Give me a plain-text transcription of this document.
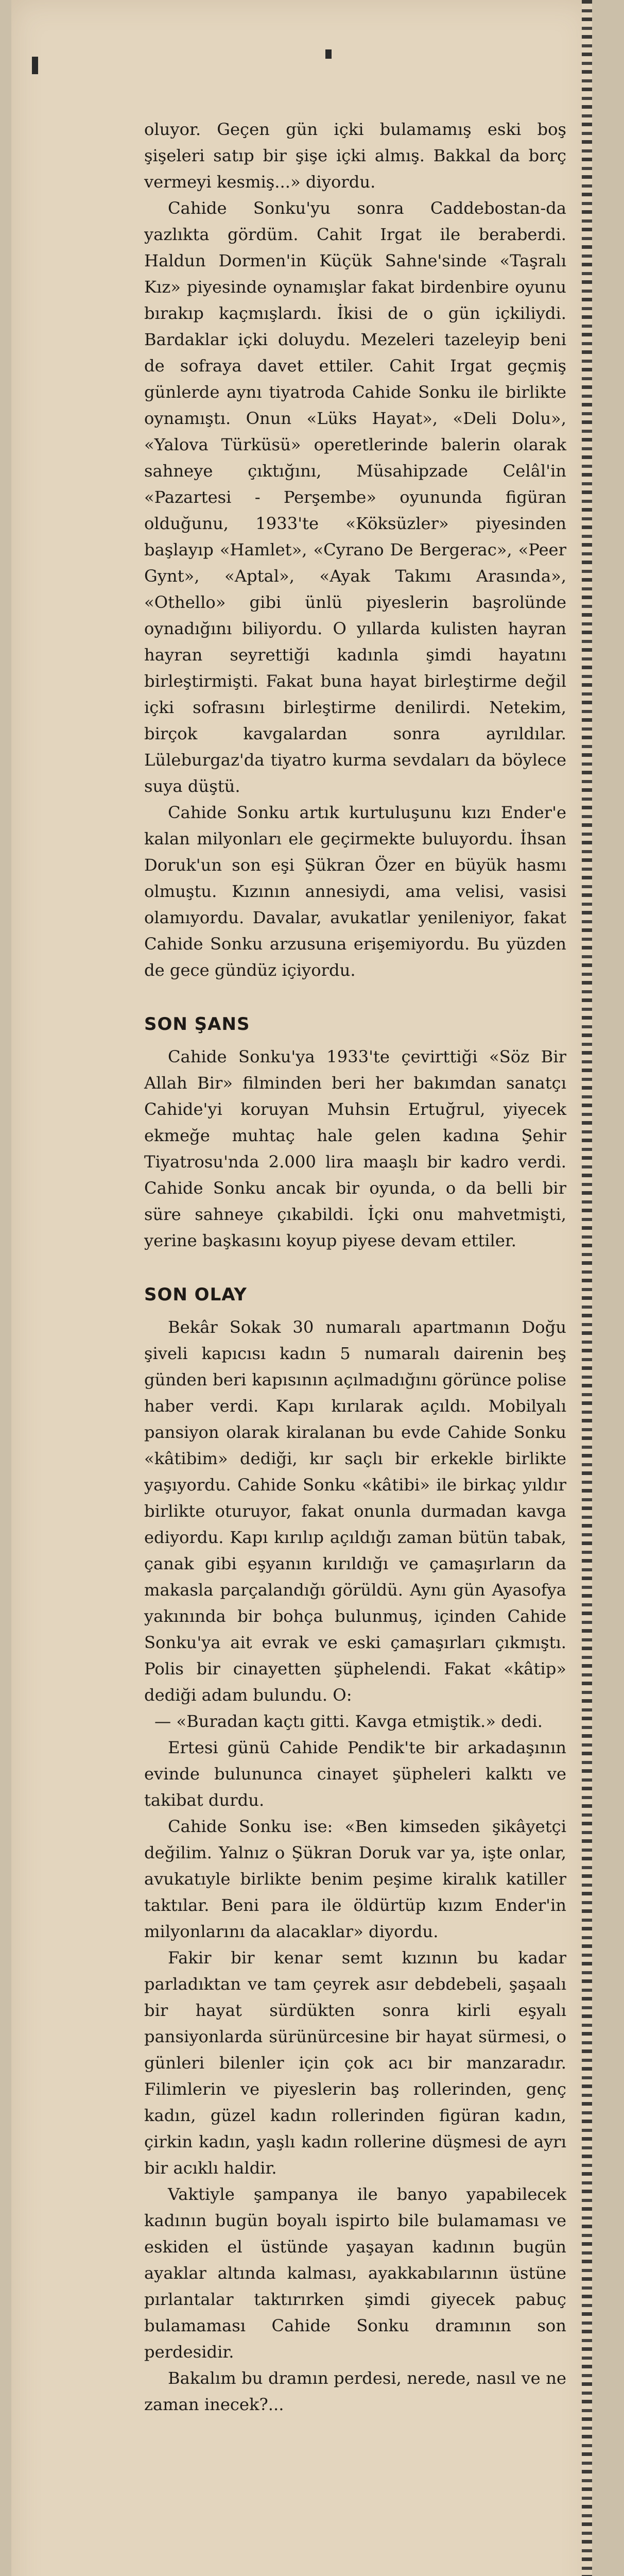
oluyor. Geçen gün içki bulamamış eski boş şişeleri satıp bir şişe içki almış. Bakkal da borç vermeyi kesmiş...» diyordu.

Cahide Sonku'yu sonra Caddebostan-da yazlıkta gördüm. Cahit Irgat ile beraberdi. Haldun Dormen'in Küçük Sahne'sinde «Taşralı Kız» piyesinde oynamışlar fakat birdenbire oyunu bırakıp kaçmışlardı. İkisi de o gün içkiliydi. Bardaklar içki doluydu. Mezeleri tazeleyip beni de sofraya davet ettiler. Cahit Irgat geçmiş günlerde aynı tiyatroda Cahide Sonku ile birlikte oynamıştı. Onun «Lüks Hayat», «Deli Dolu», «Yalova Türküsü» operetlerinde balerin olarak sahneye çıktığını, Müsahipzade Celâl'in «Pazartesi - Perşembe» oyununda figüran olduğunu, 1933'te «Köksüzler» piyesinden başlayıp «Hamlet», «Cyrano De Bergerac», «Peer Gynt», «Aptal», «Ayak Takımı Arasında», «Othello» gibi ünlü piyeslerin başrolünde oynadığını biliyordu. O yıllarda kulisten hayran hayran seyrettiği kadınla şimdi hayatını birleştirmişti. Fakat buna hayat birleştirme değil içki sofrasını birleştirme denilirdi. Netekim, birçok kavgalardan sonra ayrıldılar. Lüleburgaz'da tiyatro kurma sevdaları da böylece suya düştü.

Cahide Sonku artık kurtuluşunu kızı Ender'e kalan milyonları ele geçirmekte buluyordu. İhsan Doruk'un son eşi Şükran Özer en büyük hasmı olmuştu. Kızının annesiydi, ama velisi, vasisi olamıyordu. Davalar, avukatlar yenileniyor, fakat Cahide Sonku arzusuna erişemiyordu. Bu yüzden de gece gündüz içiyordu.

SON ŞANS

Cahide Sonku'ya 1933'te çevirttiği «Söz Bir Allah Bir» filminden beri her bakımdan sanatçı Cahide'yi koruyan Muhsin Ertuğrul, yiyecek ekmeğe muhtaç hale gelen kadına Şehir Tiyatrosu'nda 2.000 lira maaşlı bir kadro verdi. Cahide Sonku ancak bir oyunda, o da belli bir süre sahneye çıkabildi. İçki onu mahvetmişti, yerine başkasını koyup piyese devam ettiler.

SON OLAY

Bekâr Sokak 30 numaralı apartmanın Doğu şiveli kapıcısı kadın 5 numaralı dairenin beş günden beri kapısının açılmadığını görünce polise haber verdi. Kapı kırılarak açıldı. Mobilyalı pansiyon olarak kiralanan bu evde Cahide Sonku «kâtibim» dediği, kır saçlı bir erkekle birlikte yaşıyordu. Cahide Sonku «kâtibi» ile birkaç yıldır birlikte oturuyor, fakat onunla durmadan kavga ediyordu. Kapı kırılıp açıldığı zaman bütün tabak, çanak gibi eşyanın kırıldığı ve çamaşırların da makasla parçalandığı görüldü. Aynı gün Ayasofya yakınında bir bohça bulunmuş, içinden Cahide Sonku'ya ait evrak ve eski çamaşırları çıkmıştı. Polis bir cinayetten şüphelendi. Fakat «kâtip» dediği adam bulundu. O:

— «Buradan kaçtı gitti. Kavga etmiştik.» dedi.

Ertesi günü Cahide Pendik'te bir arkadaşının evinde bulununca cinayet şüpheleri kalktı ve takibat durdu.

Cahide Sonku ise: «Ben kimseden şikâyetçi değilim. Yalnız o Şükran Doruk var ya, işte onlar, avukatıyle birlikte benim peşime kiralık katiller taktılar. Beni para ile öldürtüp kızım Ender'in milyonlarını da alacaklar» diyordu.

Fakir bir kenar semt kızının bu kadar parladıktan ve tam çeyrek asır debdebeli, şaşaalı bir hayat sürdükten sonra kirli eşyalı pansiyonlarda sürünürcesine bir hayat sürmesi, o günleri bilenler için çok acı bir manzaradır. Filimlerin ve piyeslerin baş rollerinden, genç kadın, güzel kadın rollerinden figüran kadın, çirkin kadın, yaşlı kadın rollerine düşmesi de ayrı bir acıklı haldir.

Vaktiyle şampanya ile banyo yapabilecek kadının bugün boyalı ispirto bile bulamaması ve eskiden el üstünde yaşayan kadının bugün ayaklar altında kalması, ayakkabılarının üstüne pırlantalar taktırırken şimdi giyecek pabuç bulamaması Cahide Sonku dramının son perdesidir.

Bakalım bu dramın perdesi, nerede, nasıl ve ne zaman inecek?...
